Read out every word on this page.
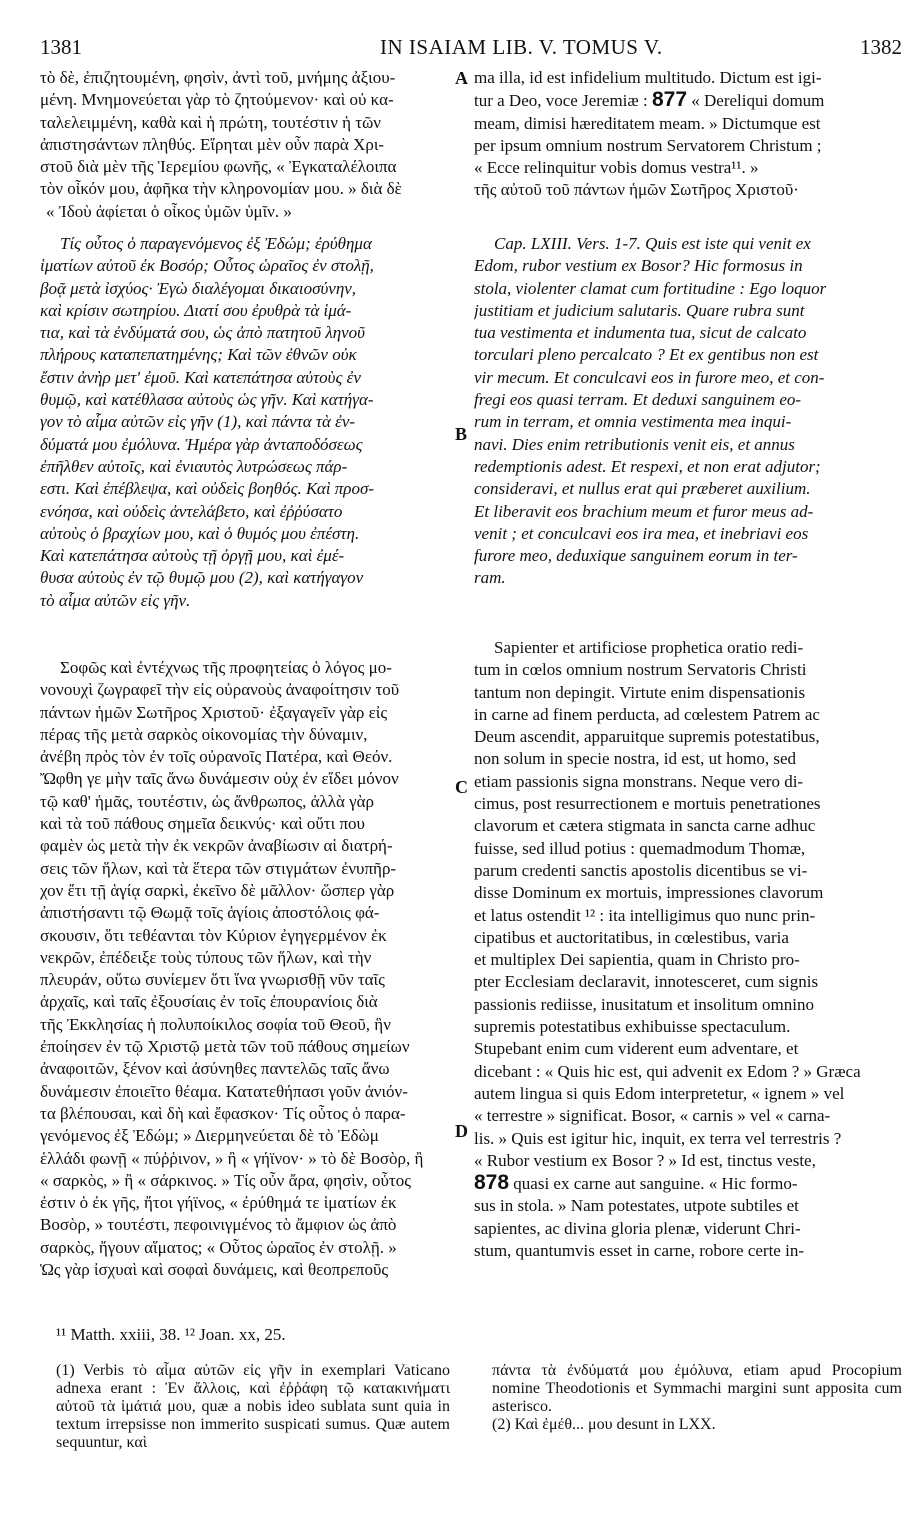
1381	IN ISAIAM LIB. V. TOMUS V.	1382
A
B
C
D
τὸ δὲ, ἐπιζητουμένη, φησὶν, ἀντὶ τοῦ, μνήμης ἀξιου-
μένη. Μνημονεύεται γὰρ τὸ ζητούμενον· καὶ οὐ κα-
ταλελειμμένη, καθὰ καὶ ἡ πρώτη, τουτέστιν ἡ τῶν
ἀπιστησάντων πληθύς. Εἴρηται μὲν οὖν παρὰ Χρι-
στοῦ διὰ μὲν τῆς Ἱερεμίου φωνῆς, « Ἐγκαταλέλοιπα
τὸν οἶκόν μου, ἀφῆκα τὴν κληρονομίαν μου. » διὰ δὲ
« Ἰδοὺ ἀφίεται ὁ οἶκος ὑμῶν ὑμῖν. »
Τίς οὗτος ὁ παραγενόμενος ἐξ Ἐδώμ; ἐρύθημα
ἱματίων αὐτοῦ ἐκ Βοσόρ; Οὗτος ὡραῖος ἐν στολῇ,
βοᾷ μετὰ ἰσχύος· Ἐγὼ διαλέγομαι δικαιοσύνην,
καὶ κρίσιν σωτηρίου. Διατί σου ἐρυθρὰ τὰ ἱμά-
τια, καὶ τὰ ἐνδύματά σου, ὡς ἀπὸ πατητοῦ ληνοῦ
πλήρους καταπεπατημένης; Καὶ τῶν ἐθνῶν οὐκ
ἔστιν ἀνὴρ μετ' ἐμοῦ. Καὶ κατεπάτησα αὐτοὺς ἐν
θυμῷ, καὶ κατέθλασα αὐτοὺς ὡς γῆν. Καὶ κατήγα-
γον τὸ αἷμα αὐτῶν εἰς γῆν (1), καὶ πάντα τὰ ἐν-
δύματά μου ἐμόλυνα. Ἡμέρα γὰρ ἀνταποδόσεως
ἐπῆλθεν αὐτοῖς, καὶ ἐνιαυτὸς λυτρώσεως πάρ-
εστι. Καὶ ἐπέβλεψα, καὶ οὐδεὶς βοηθός. Καὶ προσ-
ενόησα, καὶ οὐδεὶς ἀντελάβετο, καὶ ἐῤῥύσατο
αὐτοὺς ὁ βραχίων μου, καὶ ὁ θυμός μου ἐπέστη.
Καὶ κατεπάτησα αὐτοὺς τῇ ὀργῇ μου, καὶ ἐμέ-
θυσα αὐτοὺς ἐν τῷ θυμῷ μου (2), καὶ κατήγαγον
τὸ αἷμα αὐτῶν εἰς γῆν.
Σοφῶς καὶ ἐντέχνως τῆς προφητείας ὁ λόγος μο-
νονουχὶ ζωγραφεῖ τὴν εἰς οὐρανοὺς ἀναφοίτησιν τοῦ
πάντων ἡμῶν Σωτῆρος Χριστοῦ· ἐξαγαγεῖν γὰρ εἰς
πέρας τῆς μετὰ σαρκὸς οἰκονομίας τὴν δύναμιν,
ἀνέβη πρὸς τὸν ἐν τοῖς οὐρανοῖς Πατέρα, καὶ Θεόν.
Ὤφθη γε μὴν ταῖς ἄνω δυνάμεσιν οὐχ ἐν εἴδει μόνον
τῷ καθ' ἡμᾶς, τουτέστιν, ὡς ἄνθρωπος, ἀλλὰ γὰρ
καὶ τὰ τοῦ πάθους σημεῖα δεικνύς· καὶ οὔτι που
φαμὲν ὡς μετὰ τὴν ἐκ νεκρῶν ἀναβίωσιν αἱ διατρή-
σεις τῶν ἥλων, καὶ τὰ ἕτερα τῶν στιγμάτων ἐνυπῆρ-
χον ἔτι τῇ ἁγίᾳ σαρκὶ, ἐκεῖνο δὲ μᾶλλον· ὥσπερ γὰρ
ἀπιστήσαντι τῷ Θωμᾷ τοῖς ἁγίοις ἀποστόλοις φά-
σκουσιν, ὅτι τεθέανται τὸν Κύριον ἐγηγερμένον ἐκ
νεκρῶν, ἐπέδειξε τοὺς τύπους τῶν ἥλων, καὶ τὴν
πλευράν, οὕτω συνίεμεν ὅτι ἵνα γνωρισθῇ νῦν ταῖς
ἀρχαῖς, καὶ ταῖς ἐξουσίαις ἐν τοῖς ἐπουρανίοις διὰ
τῆς Ἐκκλησίας ἡ πολυποίκιλος σοφία τοῦ Θεοῦ, ἣν
ἐποίησεν ἐν τῷ Χριστῷ μετὰ τῶν τοῦ πάθους σημείων
ἀναφοιτῶν, ξένον καὶ ἀσύνηθες παντελῶς ταῖς ἄνω
δυνάμεσιν ἐποιεῖτο θέαμα. Κατατεθήπασι γοῦν ἀνιόν-
τα βλέπουσαι, καὶ δὴ καὶ ἔφασκον· Τίς οὗτος ὁ παρα-
γενόμενος ἐξ Ἐδώμ; » Διερμηνεύεται δὲ τὸ Ἐδὼμ
ἑλλάδι φωνῇ « πύῤῥινον, » ἢ « γήϊνον· » τὸ δὲ Βοσὸρ, ἢ
« σαρκὸς, » ἢ « σάρκινος. » Τίς οὖν ἄρα, φησὶν, οὗτος
ἐστιν ὁ ἐκ γῆς, ἤτοι γήϊνος, « ἐρύθημά τε ἱματίων ἐκ
Βοσὸρ, » τουτέστι, πεφοινιγμένος τὸ ἄμφιον ὡς ἀπὸ
σαρκὸς, ἤγουν αἵματος; « Οὗτος ὡραῖος ἐν στολῇ. »
Ὡς γὰρ ἰσχυαὶ καὶ σοφαὶ δυνάμεις, καὶ θεοπρεποῦς
ma illa, id est infidelium multitudo. Dictum est igi-
tur a Deo, voce Jeremiæ : 877 « Dereliqui domum
meam, dimisi hæreditatem meam. » Dictumque est
per ipsum omnium nostrum Servatorem Christum ;
« Ecce relinquitur vobis domus vestra¹¹. »
τῆς αὐτοῦ τοῦ πάντων ἡμῶν Σωτῆρος Χριστοῦ·
Cap. LXIII. Vers. 1-7. Quis est iste qui venit ex
Edom, rubor vestium ex Bosor? Hic formosus in
stola, violenter clamat cum fortitudine : Ego loquor
justitiam et judicium salutaris. Quare rubra sunt
tua vestimenta et indumenta tua, sicut de calcato
torculari pleno percalcato ? Et ex gentibus non est
vir mecum. Et conculcavi eos in furore meo, et con-
fregi eos quasi terram. Et deduxi sanguinem eo-
rum in terram, et omnia vestimenta mea inqui-
navi. Dies enim retributionis venit eis, et annus
redemptionis adest. Et respexi, et non erat adjutor;
consideravi, et nullus erat qui præberet auxilium.
Et liberavit eos brachium meum et furor meus ad-
venit ; et conculcavi eos ira mea, et inebriavi eos
furore meo, deduxique sanguinem eorum in ter-
ram.
Sapienter et artificiose prophetica oratio redi-
tum in cœlos omnium nostrum Servatoris Christi
tantum non depingit. Virtute enim dispensationis
in carne ad finem perducta, ad cœlestem Patrem ac
Deum ascendit, apparuitque supremis potestatibus,
non solum in specie nostra, id est, ut homo, sed
etiam passionis signa monstrans. Neque vero di-
cimus, post resurrectionem e mortuis penetrationes
clavorum et cætera stigmata in sancta carne adhuc
fuisse, sed illud potius : quemadmodum Thomæ,
parum credenti sanctis apostolis dicentibus se vi-
disse Dominum ex mortuis, impressiones clavorum
et latus ostendit ¹² : ita intelligimus quo nunc prin-
cipatibus et auctoritatibus, in cœlestibus, varia
et multiplex Dei sapientia, quam in Christo pro-
pter Ecclesiam declaravit, innotesceret, cum signis
passionis rediisse, inusitatum et insolitum omnino
supremis potestatibus exhibuisse spectaculum.
Stupebant enim cum viderent eum adventare, et
dicebant : « Quis hic est, qui advenit ex Edom ? » Græca
autem lingua si quis Edom interpretetur, « ignem » vel
« terrestre » significat. Bosor, « carnis » vel « carna-
lis. » Quis est igitur hic, inquit, ex terra vel terrestris ?
« Rubor vestium ex Bosor ? » Id est, tinctus veste,
878 quasi ex carne aut sanguine. « Hic formo-
sus in stola. » Nam potestates, utpote subtiles et
sapientes, ac divina gloria plenæ, viderunt Chri-
stum, quantumvis esset in carne, robore certe in-
¹¹ Matth. xxiii, 38. ¹² Joan. xx, 25.

(1) Verbis τὸ αἷμα αὐτῶν εἰς γῆν in exemplari Vaticano adnexa erant : Ἐν ἄλλοις, καὶ ἐῤῥάφη τῷ κατακινήματι αὐτοῦ τὰ ἱμάτιά μου, quæ a nobis ideo sublata sunt quia in textum irrepsisse non immerito suspicati sumus. Quæ autem sequuntur, καὶ

πάντα τὰ ἐνδύματά μου ἐμόλυνα, etiam apud Procopium nomine Theodotionis et Symmachi margini sunt apposita cum asterisco.

(2) Καὶ ἐμέθ... μου desunt in LXX.
